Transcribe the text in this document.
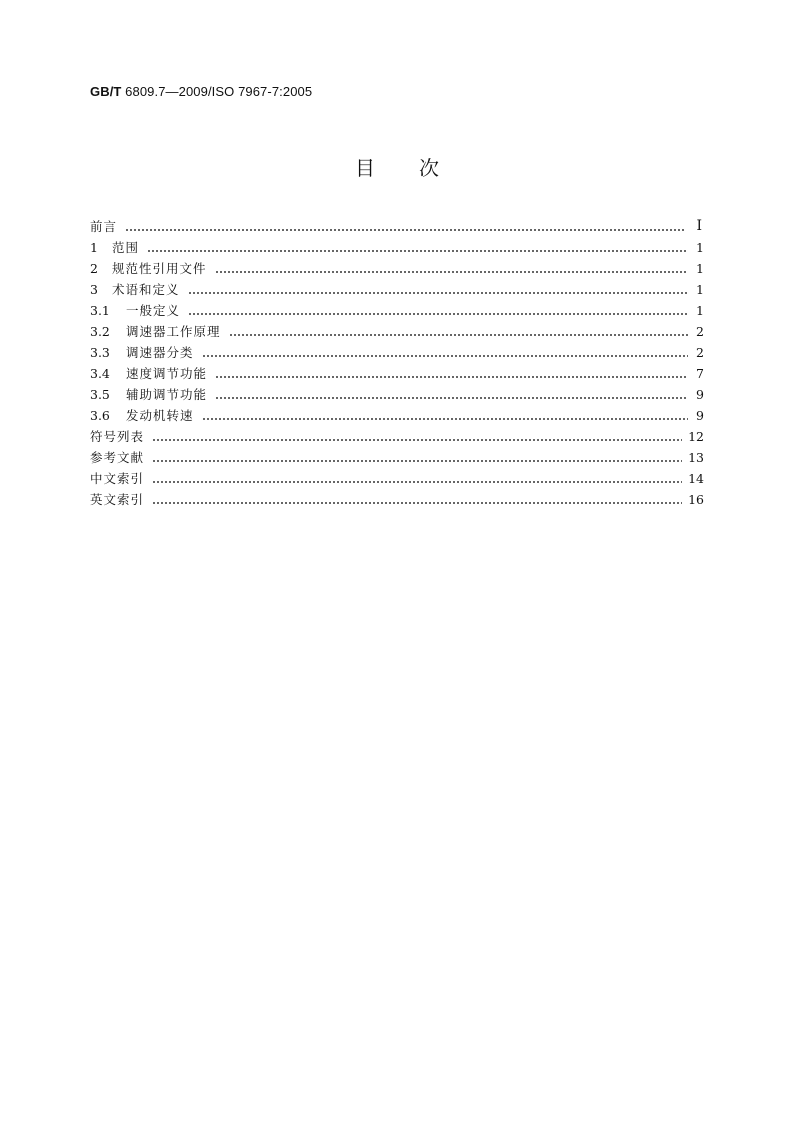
GB/T 6809.7—2009/ISO 7967-7:2005
目 次
前言	Ⅰ
1	范围	1
2	规范性引用文件	1
3	术语和定义	1
3.1	一般定义	1
3.2	调速器工作原理	2
3.3	调速器分类	2
3.4	速度调节功能	7
3.5	辅助调节功能	9
3.6	发动机转速	9
符号列表	12
参考文献	13
中文索引	14
英文索引	16
